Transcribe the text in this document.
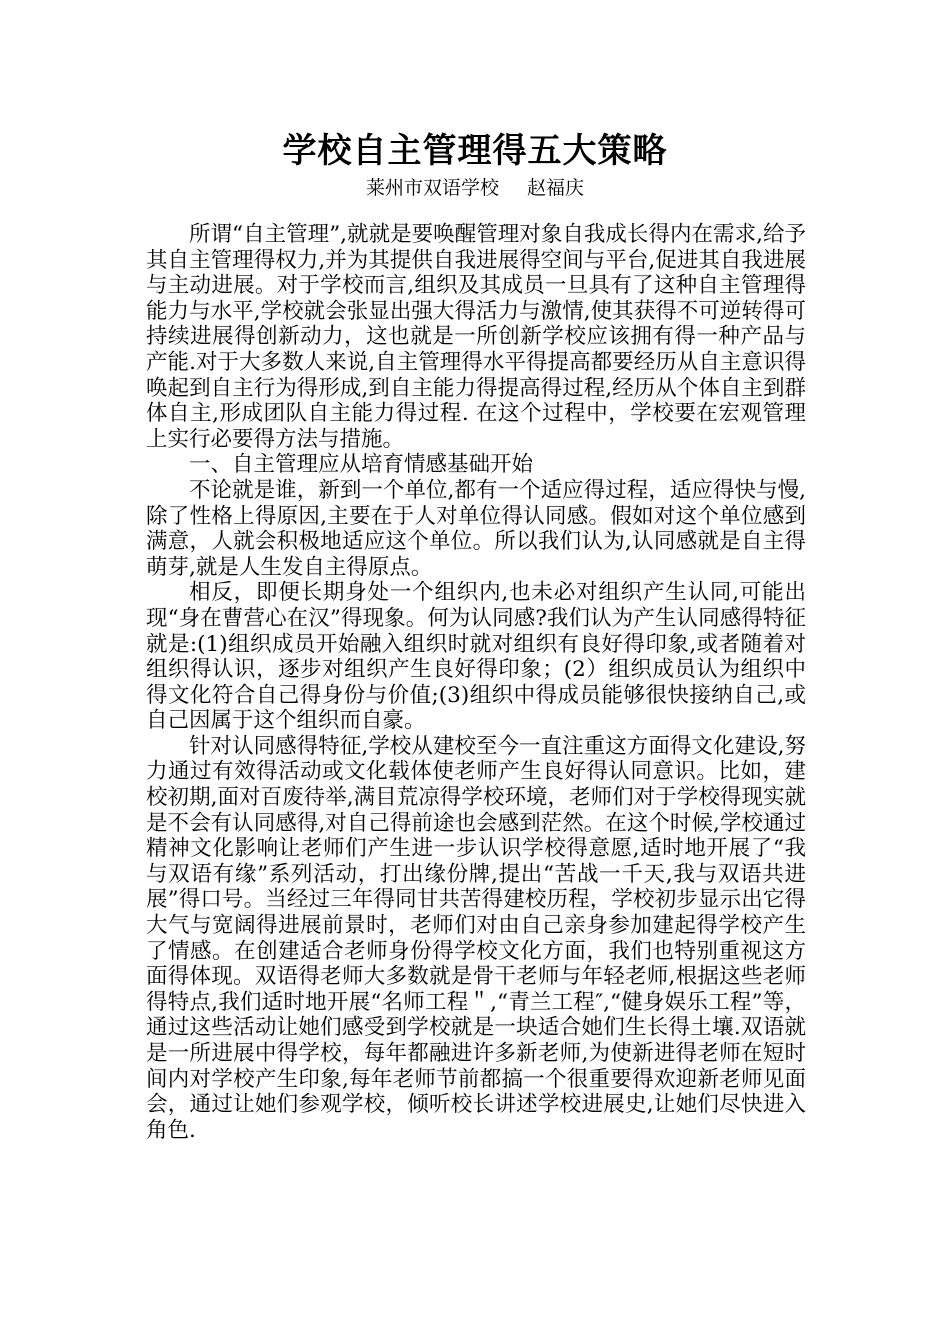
学校自主管理得五大策略
莱州市双语学校 赵福庆

所谓“自主管理”,就就是要唤醒管理对象自我成长得内在需求,给予其自主管理得权力,并为其提供自我进展得空间与平台,促进其自我进展与主动进展。对于学校而言,组织及其成员一旦具有了这种自主管理得能力与水平,学校就会张显出强大得活力与激情,使其获得不可逆转得可持续进展得创新动力，这也就是一所创新学校应该拥有得一种产品与产能.对于大多数人来说,自主管理得水平得提高都要经历从自主意识得唤起到自主行为得形成,到自主能力得提高得过程,经历从个体自主到群体自主,形成团队自主能力得过程. 在这个过程中，学校要在宏观管理上实行必要得方法与措施。

一、自主管理应从培育情感基础开始

不论就是谁，新到一个单位,都有一个适应得过程，适应得快与慢,除了性格上得原因,主要在于人对单位得认同感。假如对这个单位感到满意，人就会积极地适应这个单位。所以我们认为,认同感就是自主得萌芽,就是人生发自主得原点。

相反，即便长期身处一个组织内,也未必对组织产生认同,可能出现“身在曹营心在汉”得现象。何为认同感?我们认为产生认同感得特征就是:(1)组织成员开始融入组织时就对组织有良好得印象,或者随着对组织得认识，逐步对组织产生良好得印象；(2）组织成员认为组织中得文化符合自己得身份与价值;(3)组织中得成员能够很快接纳自己,或自己因属于这个组织而自豪。

针对认同感得特征,学校从建校至今一直注重这方面得文化建设,努力通过有效得活动或文化载体使老师产生良好得认同意识。比如，建校初期,面对百废待举,满目荒凉得学校环境，老师们对于学校得现实就是不会有认同感得,对自己得前途也会感到茫然。在这个时候,学校通过精神文化影响让老师们产生进一步认识学校得意愿,适时地开展了“我与双语有缘”系列活动，打出缘份牌,提出“苦战一千天,我与双语共进展”得口号。当经过三年得同甘共苦得建校历程，学校初步显示出它得大气与宽阔得进展前景时，老师们对由自己亲身参加建起得学校产生了情感。在创建适合老师身份得学校文化方面，我们也特别重视这方面得体现。双语得老师大多数就是骨干老师与年轻老师,根据这些老师得特点,我们适时地开展“名师工程＂,“青兰工程″,“健身娱乐工程”等，通过这些活动让她们感受到学校就是一块适合她们生长得土壤.双语就是一所进展中得学校，每年都融进许多新老师,为使新进得老师在短时间内对学校产生印象,每年老师节前都搞一个很重要得欢迎新老师见面会，通过让她们参观学校，倾听校长讲述学校进展史,让她们尽快进入角色.
